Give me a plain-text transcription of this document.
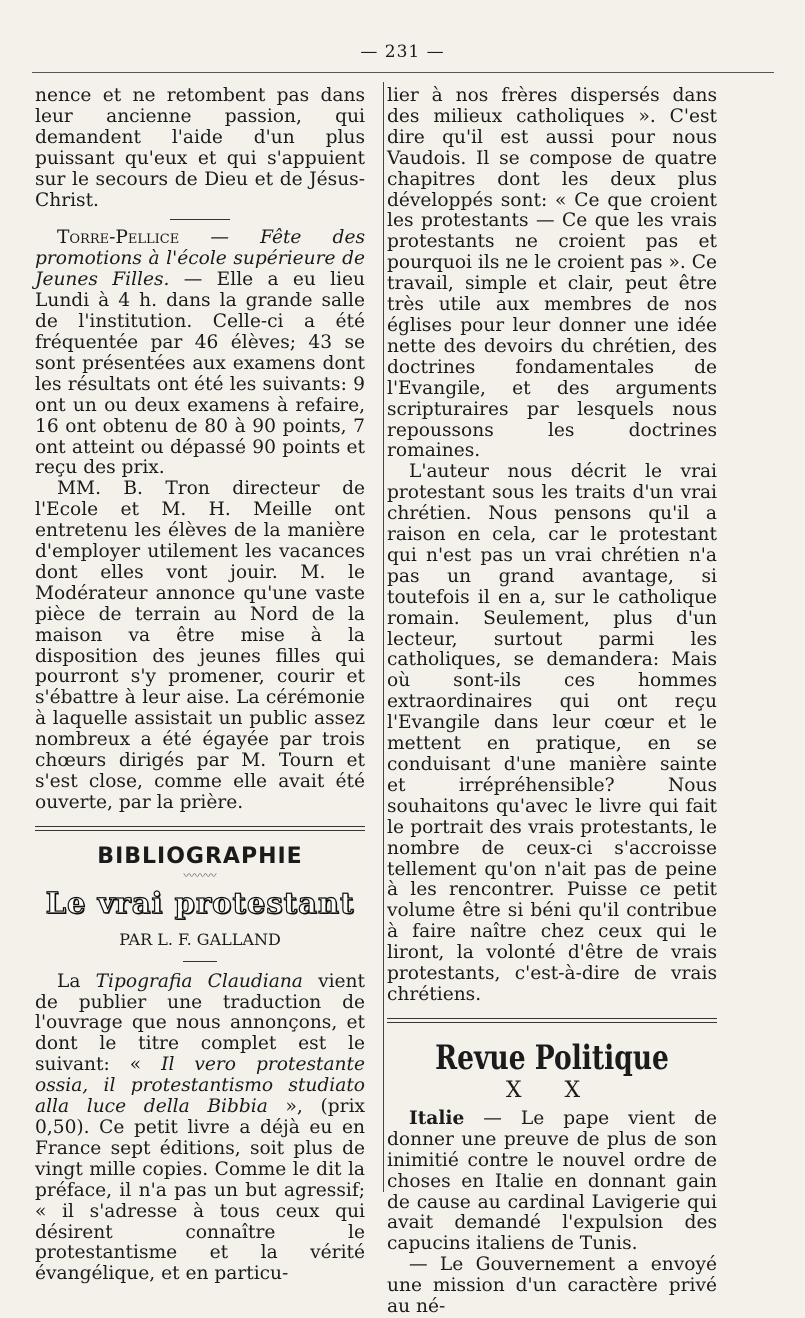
— 231 —

nence et ne retombent pas dans leur ancienne passion, qui demandent l'aide d'un plus puissant qu'eux et qui s'appuient sur le secours de Dieu et de Jésus-Christ.

Torre-Pellice — Fête des promotions à l'école supérieure de Jeunes Filles. — Elle a eu lieu Lundi à 4 h. dans la grande salle de l'institution. Celle-ci a été fréquentée par 46 élèves; 43 se sont présentées aux examens dont les résultats ont été les suivants: 9 ont un ou deux examens à refaire, 16 ont obtenu de 80 à 90 points, 7 ont atteint ou dépassé 90 points et reçu des prix.

MM. B. Tron directeur de l'Ecole et M. H. Meille ont entretenu les élèves de la manière d'employer utilement les vacances dont elles vont jouir. M. le Modérateur annonce qu'une vaste pièce de terrain au Nord de la maison va être mise à la disposition des jeunes filles qui pourront s'y promener, courir et s'ébattre à leur aise. La cérémonie à laquelle assistait un public assez nombreux a été égayée par trois chœurs dirigés par M. Tourn et s'est close, comme elle avait été ouverte, par la prière.

BIBLIOGRAPHIE
〰〰〰
Le vrai protestant
PAR L. F. GALLAND

La Tipografia Claudiana vient de publier une traduction de l'ouvrage que nous annonçons, et dont le titre complet est le suivant: « Il vero protestante ossia, il protestantismo studiato alla luce della Bibbia », (prix 0,50). Ce petit livre a déjà eu en France sept éditions, soit plus de vingt mille copies. Comme le dit la préface, il n'a pas un but agressif; « il s'adresse à tous ceux qui désirent connaître le protestantisme et la vérité évangélique, et en particu-

lier à nos frères dispersés dans des milieux catholiques ». C'est dire qu'il est aussi pour nous Vaudois. Il se compose de quatre chapitres dont les deux plus développés sont: « Ce que croient les protestants — Ce que les vrais protestants ne croient pas et pourquoi ils ne le croient pas ». Ce travail, simple et clair, peut être très utile aux membres de nos églises pour leur donner une idée nette des devoirs du chrétien, des doctrines fondamentales de l'Evangile, et des arguments scripturaires par lesquels nous repoussons les doctrines romaines.

L'auteur nous décrit le vrai protestant sous les traits d'un vrai chrétien. Nous pensons qu'il a raison en cela, car le protestant qui n'est pas un vrai chrétien n'a pas un grand avantage, si toutefois il en a, sur le catholique romain. Seulement, plus d'un lecteur, surtout parmi les catholiques, se demandera: Mais où sont-ils ces hommes extraordinaires qui ont reçu l'Evangile dans leur cœur et le mettent en pratique, en se conduisant d'une manière sainte et irrépréhensible? Nous souhaitons qu'avec le livre qui fait le portrait des vrais protestants, le nombre de ceux-ci s'accroisse tellement qu'on n'ait pas de peine à les rencontrer. Puisse ce petit volume être si béni qu'il contribue à faire naître chez ceux qui le liront, la volonté d'être de vrais protestants, c'est-à-dire de vrais chrétiens.

Revue Politique
X X

Italie — Le pape vient de donner une preuve de plus de son inimitié contre le nouvel ordre de choses en Italie en donnant gain de cause au cardinal Lavigerie qui avait demandé l'expulsion des capucins italiens de Tunis.

— Le Gouvernement a envoyé une mission d'un caractère privé au né-
